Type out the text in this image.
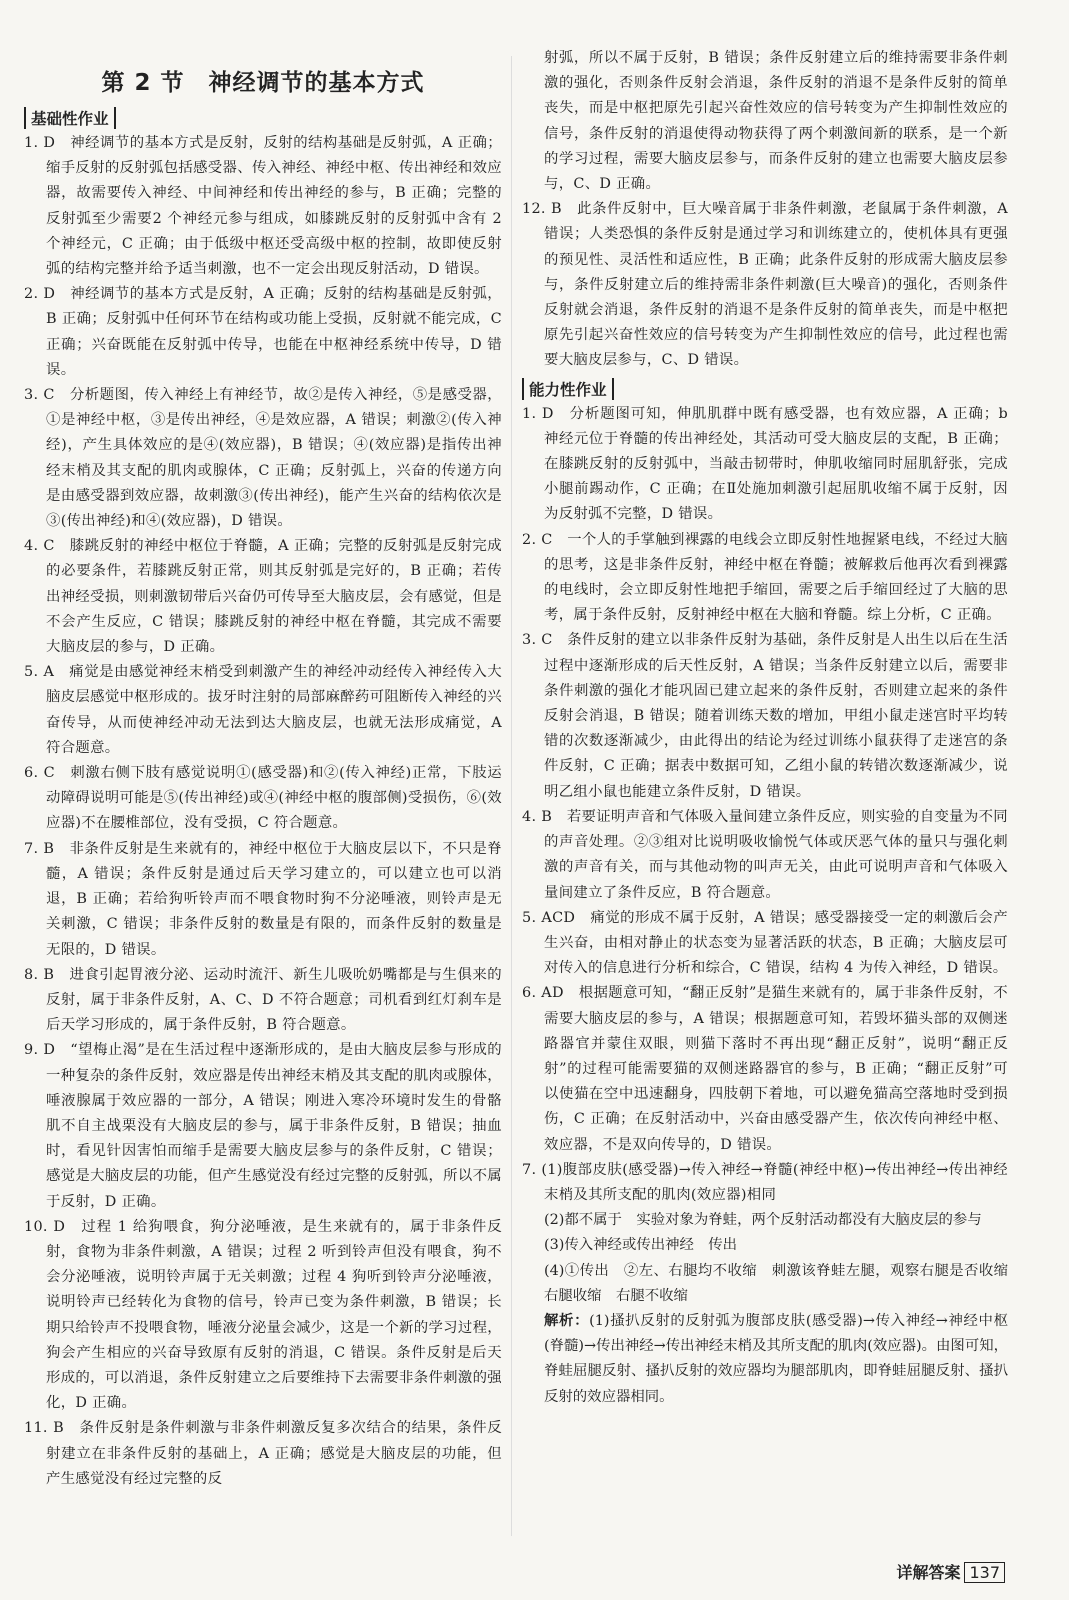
第 2 节　神经调节的基本方式
基础性作业
1. D　神经调节的基本方式是反射，反射的结构基础是反射弧，A 正确；缩手反射的反射弧包括感受器、传入神经、神经中枢、传出神经和效应器，故需要传入神经、中间神经和传出神经的参与，B 正确；完整的反射弧至少需要2 个神经元参与组成，如膝跳反射的反射弧中含有 2 个神经元，C 正确；由于低级中枢还受高级中枢的控制，故即使反射弧的结构完整并给予适当刺激，也不一定会出现反射活动，D 错误。
2. D　神经调节的基本方式是反射，A 正确；反射的结构基础是反射弧，B 正确；反射弧中任何环节在结构或功能上受损，反射就不能完成，C 正确；兴奋既能在反射弧中传导，也能在中枢神经系统中传导，D 错误。
3. C　分析题图，传入神经上有神经节，故②是传入神经，⑤是感受器，①是神经中枢，③是传出神经，④是效应器，A 错误；刺激②(传入神经)，产生具体效应的是④(效应器)，B 错误；④(效应器)是指传出神经末梢及其支配的肌肉或腺体，C 正确；反射弧上，兴奋的传递方向是由感受器到效应器，故刺激③(传出神经)，能产生兴奋的结构依次是③(传出神经)和④(效应器)，D 错误。
4. C　膝跳反射的神经中枢位于脊髓，A 正确；完整的反射弧是反射完成的必要条件，若膝跳反射正常，则其反射弧是完好的，B 正确；若传出神经受损，则刺激韧带后兴奋仍可传导至大脑皮层，会有感觉，但是不会产生反应，C 错误；膝跳反射的神经中枢在脊髓，其完成不需要大脑皮层的参与，D 正确。
5. A　痛觉是由感觉神经末梢受到刺激产生的神经冲动经传入神经传入大脑皮层感觉中枢形成的。拔牙时注射的局部麻醉药可阻断传入神经的兴奋传导，从而使神经冲动无法到达大脑皮层，也就无法形成痛觉，A 符合题意。
6. C　刺激右侧下肢有感觉说明①(感受器)和②(传入神经)正常，下肢运动障碍说明可能是⑤(传出神经)或④(神经中枢的腹部侧)受损伤，⑥(效应器)不在腰椎部位，没有受损，C 符合题意。
7. B　非条件反射是生来就有的，神经中枢位于大脑皮层以下，不只是脊髓，A 错误；条件反射是通过后天学习建立的，可以建立也可以消退，B 正确；若给狗听铃声而不喂食物时狗不分泌唾液，则铃声是无关刺激，C 错误；非条件反射的数量是有限的，而条件反射的数量是无限的，D 错误。
8. B　进食引起胃液分泌、运动时流汗、新生儿吸吮奶嘴都是与生俱来的反射，属于非条件反射，A、C、D 不符合题意；司机看到红灯刹车是后天学习形成的，属于条件反射，B 符合题意。
9. D　“望梅止渴”是在生活过程中逐渐形成的，是由大脑皮层参与形成的一种复杂的条件反射，效应器是传出神经末梢及其支配的肌肉或腺体，唾液腺属于效应器的一部分，A 错误；刚进入寒冷环境时发生的骨骼肌不自主战栗没有大脑皮层的参与，属于非条件反射，B 错误；抽血时，看见针因害怕而缩手是需要大脑皮层参与的条件反射，C 错误；感觉是大脑皮层的功能，但产生感觉没有经过完整的反射弧，所以不属于反射，D 正确。
10. D　过程 1 给狗喂食，狗分泌唾液，是生来就有的，属于非条件反射，食物为非条件刺激，A 错误；过程 2 听到铃声但没有喂食，狗不会分泌唾液，说明铃声属于无关刺激；过程 4 狗听到铃声分泌唾液，说明铃声已经转化为食物的信号，铃声已变为条件刺激，B 错误；长期只给铃声不投喂食物，唾液分泌量会减少，这是一个新的学习过程，狗会产生相应的兴奋导致原有反射的消退，C 错误。条件反射是后天形成的，可以消退，条件反射建立之后要维持下去需要非条件刺激的强化，D 正确。
11. B　条件反射是条件刺激与非条件刺激反复多次结合的结果，条件反射建立在非条件反射的基础上，A 正确；感觉是大脑皮层的功能，但产生感觉没有经过完整的反
射弧，所以不属于反射，B 错误；条件反射建立后的维持需要非条件刺激的强化，否则条件反射会消退，条件反射的消退不是条件反射的简单丧失，而是中枢把原先引起兴奋性效应的信号转变为产生抑制性效应的信号，条件反射的消退使得动物获得了两个刺激间新的联系，是一个新的学习过程，需要大脑皮层参与，而条件反射的建立也需要大脑皮层参与，C、D 正确。
12. B　此条件反射中，巨大噪音属于非条件刺激，老鼠属于条件刺激，A 错误；人类恐惧的条件反射是通过学习和训练建立的，使机体具有更强的预见性、灵活性和适应性，B 正确；此条件反射的形成需大脑皮层参与，条件反射建立后的维持需非条件刺激(巨大噪音)的强化，否则条件反射就会消退，条件反射的消退不是条件反射的简单丧失，而是中枢把原先引起兴奋性效应的信号转变为产生抑制性效应的信号，此过程也需要大脑皮层参与，C、D 错误。
能力性作业
1. D　分析题图可知，伸肌肌群中既有感受器，也有效应器，A 正确；b 神经元位于脊髓的传出神经处，其活动可受大脑皮层的支配，B 正确；在膝跳反射的反射弧中，当敲击韧带时，伸肌收缩同时屈肌舒张，完成小腿前踢动作，C 正确；在Ⅱ处施加刺激引起屈肌收缩不属于反射，因为反射弧不完整，D 错误。
2. C　一个人的手掌触到裸露的电线会立即反射性地握紧电线，不经过大脑的思考，这是非条件反射，神经中枢在脊髓；被解救后他再次看到裸露的电线时，会立即反射性地把手缩回，需要之后手缩回经过了大脑的思考，属于条件反射，反射神经中枢在大脑和脊髓。综上分析，C 正确。
3. C　条件反射的建立以非条件反射为基础，条件反射是人出生以后在生活过程中逐渐形成的后天性反射，A 错误；当条件反射建立以后，需要非条件刺激的强化才能巩固已建立起来的条件反射，否则建立起来的条件反射会消退，B 错误；随着训练天数的增加，甲组小鼠走迷宫时平均转错的次数逐渐减少，由此得出的结论为经过训练小鼠获得了走迷宫的条件反射，C 正确；据表中数据可知，乙组小鼠的转错次数逐渐减少，说明乙组小鼠也能建立条件反射，D 错误。
4. B　若要证明声音和气体吸入量间建立条件反应，则实验的自变量为不同的声音处理。②③组对比说明吸收愉悦气体或厌恶气体的量只与强化刺激的声音有关，而与其他动物的叫声无关，由此可说明声音和气体吸入量间建立了条件反应，B 符合题意。
5. ACD　痛觉的形成不属于反射，A 错误；感受器接受一定的刺激后会产生兴奋，由相对静止的状态变为显著活跃的状态，B 正确；大脑皮层可对传入的信息进行分析和综合，C 错误，结构 4 为传入神经，D 错误。
6. AD　根据题意可知，“翻正反射”是猫生来就有的，属于非条件反射，不需要大脑皮层的参与，A 错误；根据题意可知，若毁坏猫头部的双侧迷路器官并蒙住双眼，则猫下落时不再出现“翻正反射”，说明“翻正反射”的过程可能需要猫的双侧迷路器官的参与，B 正确；“翻正反射”可以使猫在空中迅速翻身，四肢朝下着地，可以避免猫高空落地时受到损伤，C 正确；在反射活动中，兴奋由感受器产生，依次传向神经中枢、效应器，不是双向传导的，D 错误。
7. (1)腹部皮肤(感受器)→传入神经→脊髓(神经中枢)→传出神经→传出神经末梢及其所支配的肌肉(效应器)相同
(2)都不属于　实验对象为脊蛙，两个反射活动都没有大脑皮层的参与
(3)传入神经或传出神经　传出
(4)①传出　②左、右腿均不收缩　刺激该脊蛙左腿，观察右腿是否收缩　右腿收缩　右腿不收缩
解析：(1)搔扒反射的反射弧为腹部皮肤(感受器)→传入神经→神经中枢(脊髓)→传出神经→传出神经末梢及其所支配的肌肉(效应器)。由图可知，脊蛙屈腿反射、搔扒反射的效应器均为腿部肌肉，即脊蛙屈腿反射、搔扒反射的效应器相同。
详解答案 137
